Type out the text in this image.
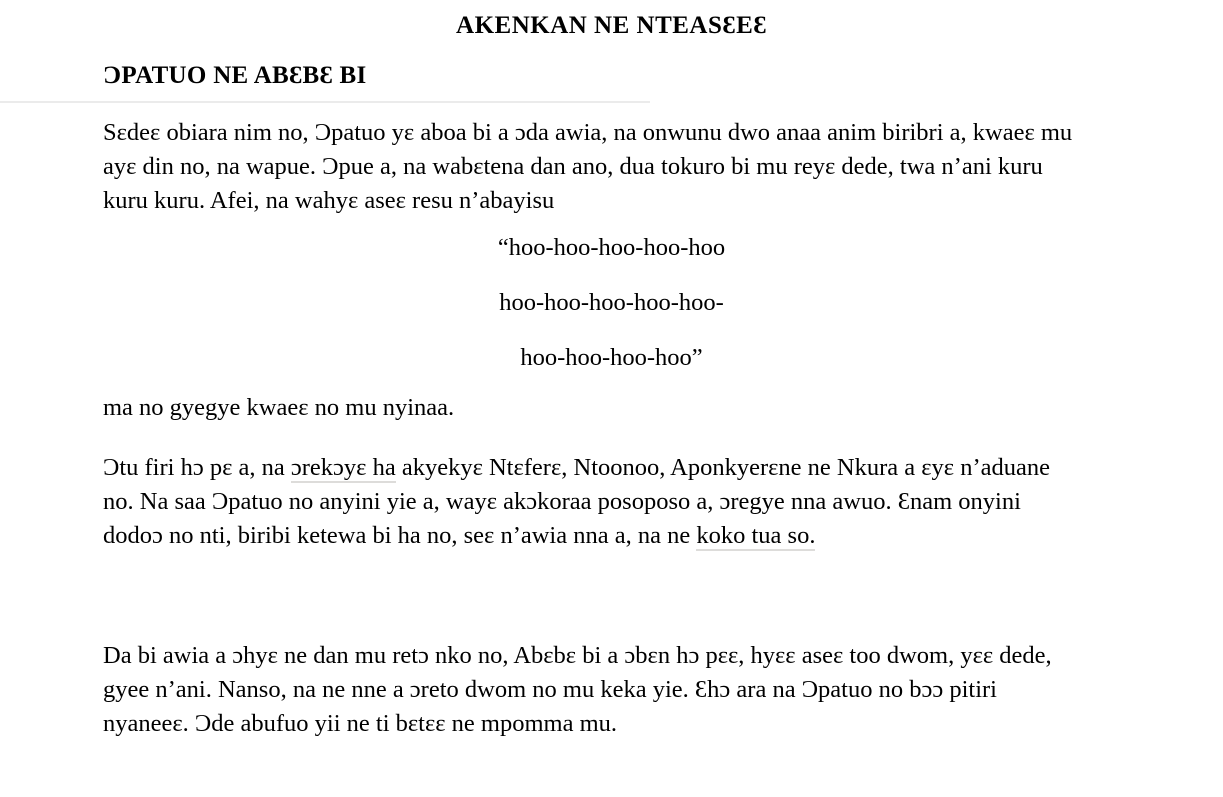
AKENKAN NE NTEASƐEƐ
ƆPATUO NE ABƐBƐ BI

Sɛdeɛ obiara nim no, Ɔpatuo yɛ aboa bi a ɔda awia, na onwunu dwo anaa anim biribri a, kwaeɛ mu ayɛ din no, na wapue. Ɔpue a, na wabɛtena dan ano, dua tokuro bi mu reyɛ dede, twa n’ani kuru kuru kuru. Afei, na wahyɛ aseɛ resu n’abayisu

“hoo-hoo-hoo-hoo-hoo

hoo-hoo-hoo-hoo-hoo-

hoo-hoo-hoo-hoo”

ma no gyegye kwaeɛ no mu nyinaa.

Ɔtu firi hɔ pɛ a, na ɔrekɔyɛ ha akyekyɛ Ntɛferɛ, Ntoonoo, Aponkyerɛne ne Nkura a ɛyɛ n’aduane no. Na saa Ɔpatuo no anyini yie a, wayɛ akɔkoraa posoposo a, ɔregye nna awuo. Ɛnam onyini dodoɔ no nti, biribi ketewa bi ha no, seɛ n’awia nna a, na ne koko tua so.

Da bi awia a ɔhyɛ ne dan mu retɔ nko no, Abɛbɛ bi a ɔbɛn hɔ pɛɛ, hyɛɛ aseɛ too dwom, yɛɛ dede, gyee n’ani. Nanso, na ne nne a ɔreto dwom no mu keka yie. Ɛhɔ ara na Ɔpatuo no bɔɔ pitiri nyaneeɛ. Ɔde abufuo yii ne ti bɛtɛɛ ne mpomma mu.
